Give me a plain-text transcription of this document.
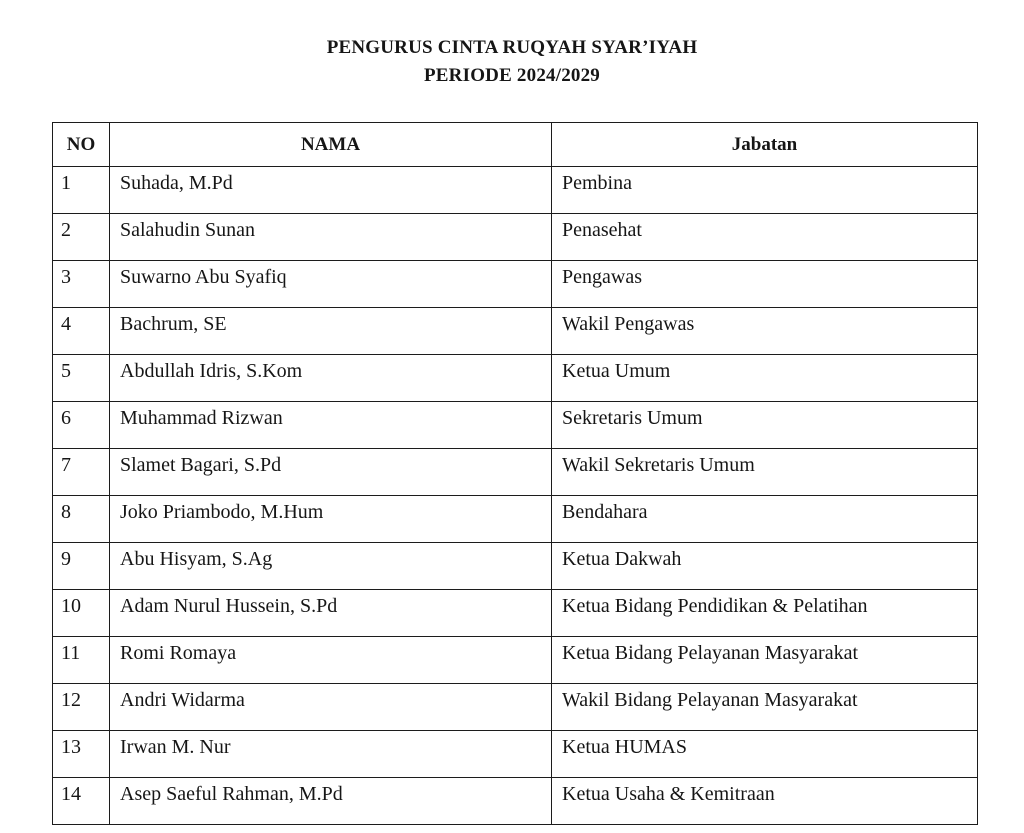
PENGURUS CINTA RUQYAH SYAR’IYAH
PERIODE 2024/2029
NO	NAMA	Jabatan
1	Suhada, M.Pd	Pembina
2	Salahudin Sunan	Penasehat
3	Suwarno Abu Syafiq	Pengawas
4	Bachrum, SE	Wakil Pengawas
5	Abdullah Idris, S.Kom	Ketua Umum
6	Muhammad Rizwan	Sekretaris Umum
7	Slamet Bagari, S.Pd	Wakil Sekretaris Umum
8	Joko Priambodo, M.Hum	Bendahara
9	Abu Hisyam, S.Ag	Ketua Dakwah
10	Adam Nurul Hussein, S.Pd	Ketua Bidang Pendidikan & Pelatihan
11	Romi Romaya	Ketua Bidang Pelayanan Masyarakat
12	Andri Widarma	Wakil Bidang Pelayanan Masyarakat
13	Irwan M. Nur	Ketua HUMAS
14	Asep Saeful Rahman, M.Pd	Ketua Usaha & Kemitraan
